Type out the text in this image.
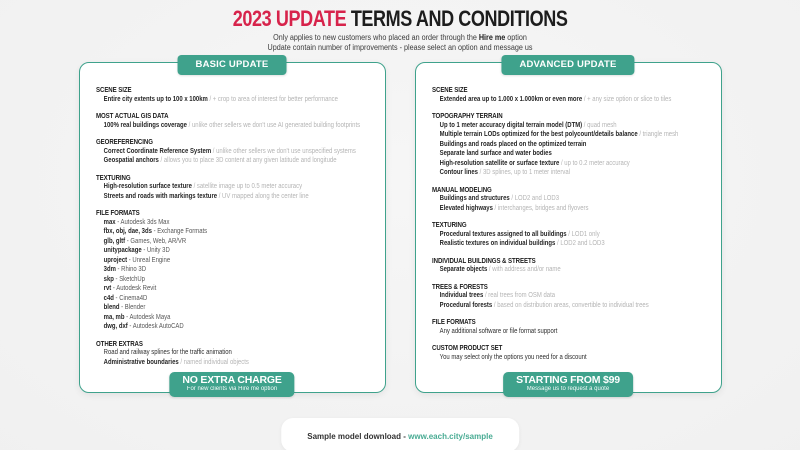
2023 UPDATE TERMS AND CONDITIONS

Only applies to new customers who placed an order through the Hire me option

Update contain number of improvements - please select an option and message us

BASIC UPDATE
SCENE SIZE
Entire city extents up to 100 x 100km / + crop to area of interest for better performance
MOST ACTUAL GIS DATA
100% real buildings coverage / unlike other sellers we don't use AI generated building footprints
GEOREFERENCING
Correct Coordinate Reference System / unlike other sellers we don't use unspecified systems
Geospatial anchors / allows you to place 3D content at any given latitude and longitude
TEXTURING
High-resolution surface texture / satellite image up to 0.5 meter accuracy
Streets and roads with markings texture / UV mapped along the center line
FILE FORMATS
max - Autodesk 3ds Max
fbx, obj, dae, 3ds - Exchange Formats
glb, gltf - Games, Web, AR/VR
unitypackage - Unity 3D
uproject - Unreal Engine
3dm - Rhino 3D
skp - SketchUp
rvt - Autodesk Revit
c4d - Cinema4D
blend - Blender
ma, mb - Autodesk Maya
dwg, dxf - Autodesk AutoCAD
OTHER EXTRAS
Road and railway splines for the traffic animation
Administrative boundaries / named individual objects
NO EXTRA CHARGE
For new clients via Hire me option
ADVANCED UPDATE
SCENE SIZE
Extended area up to 1.000 x 1.000km or even more / + any size option or slice to tiles
TOPOGRAPHY TERRAIN
Up to 1 meter accuracy digital terrain model (DTM) / quad mesh
Multiple terrain LODs optimized for the best polycount/details balance / triangle mesh
Buildings and roads placed on the optimized terrain
Separate land surface and water bodies
High-resolution satellite or surface texture / up to 0.2 meter accuracy
Contour lines / 3D splines, up to 1 meter interval
MANUAL MODELING
Buildings and structures / LOD2 and LOD3
Elevated highways / interchanges, bridges and flyovers
TEXTURING
Procedural textures assigned to all buildings / LOD1 only
Realistic textures on individual buildings / LOD2 and LOD3
INDIVIDUAL BUILDINGS & STREETS
Separate objects / with address and/or name
TREES & FORESTS
Individual trees / real trees from OSM data
Procedural forests / based on distribution areas, convertible to individual trees
FILE FORMATS
Any additional software or file format support
CUSTOM PRODUCT SET
You may select only the options you need for a discount
STARTING FROM $99
Message us to request a quote
Sample model download - www.each.city/sample
